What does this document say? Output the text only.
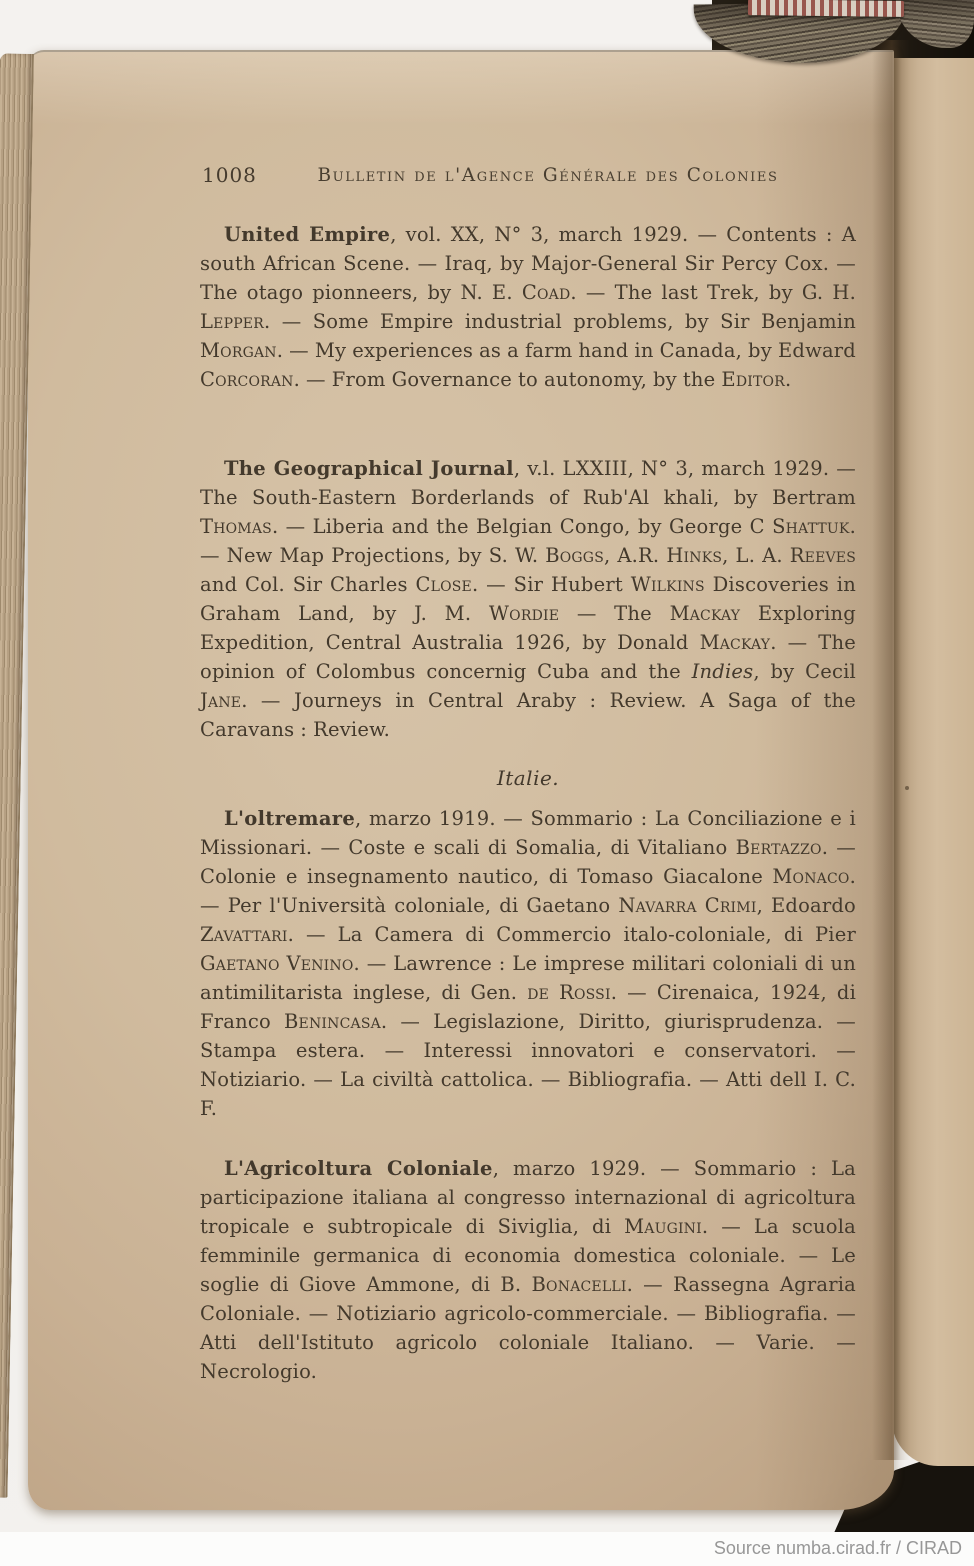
1008	Bulletin de l'Agence Générale des Colonies

United Empire, vol. XX, N° 3, march 1929. — Contents : A south African Scene. — Iraq, by Major-General Sir Percy Cox. — The otago pionneers, by N. E. Coad. — The last Trek, by G. H. Lepper. — Some Empire industrial problems, by Sir Benjamin Morgan. — My experiences as a farm hand in Canada, by Edward Corcoran. — From Governance to autonomy, by the Editor.

The Geographical Journal, v.l. LXXIII, N° 3, march 1929. — The South-Eastern Borderlands of Rub'Al khali, by Bertram Thomas. — Liberia and the Belgian Congo, by George C Shattuk. — New Map Projections, by S. W. Boggs, A.R. Hinks, L. A. Reeves and Col. Sir Charles Close. — Sir Hubert Wilkins Discoveries in Graham Land, by J. M. Wordie — The Mackay Exploring Expedition, Central Australia 1926, by Donald Mackay. — The opinion of Colombus concernig Cuba and the Indies, by Cecil Jane. — Journeys in Central Araby : Review. A Saga of the Caravans : Review.

Italie.

L'oltremare, marzo 1919. — Sommario : La Conciliazione e i Missionari. — Coste e scali di Somalia, di Vitaliano Bertazzo. — Colonie e insegnamento nautico, di Tomaso Giacalone Monaco. — Per l'Università coloniale, di Gaetano Navarra Crimi, Edoardo Zavattari. — La Camera di Commercio italo-coloniale, di Pier Gaetano Venino. — Lawrence : Le imprese militari coloniali di un antimilitarista inglese, di Gen. de Rossi. — Cirenaica, 1924, di Franco Benincasa. — Legislazione, Diritto, giurisprudenza. — Stampa estera. — Interessi innovatori e conservatori. — Notiziario. — La civiltà cattolica. — Bibliografia. — Atti dell I. C. F.

L'Agricoltura Coloniale, marzo 1929. — Sommario : La participazione italiana al congresso internazional di agricoltura tropicale e subtropicale di Siviglia, di Maugini. — La scuola femminile germanica di economia domestica coloniale. — Le soglie di Giove Ammone, di B. Bonacelli. — Rassegna Agraria Coloniale. — Notiziario agricolo-commerciale. — Bibliografia. — Atti dell'Istituto agricolo coloniale Italiano. — Varie. — Necrologio.

Source numba.cirad.fr / CIRAD
